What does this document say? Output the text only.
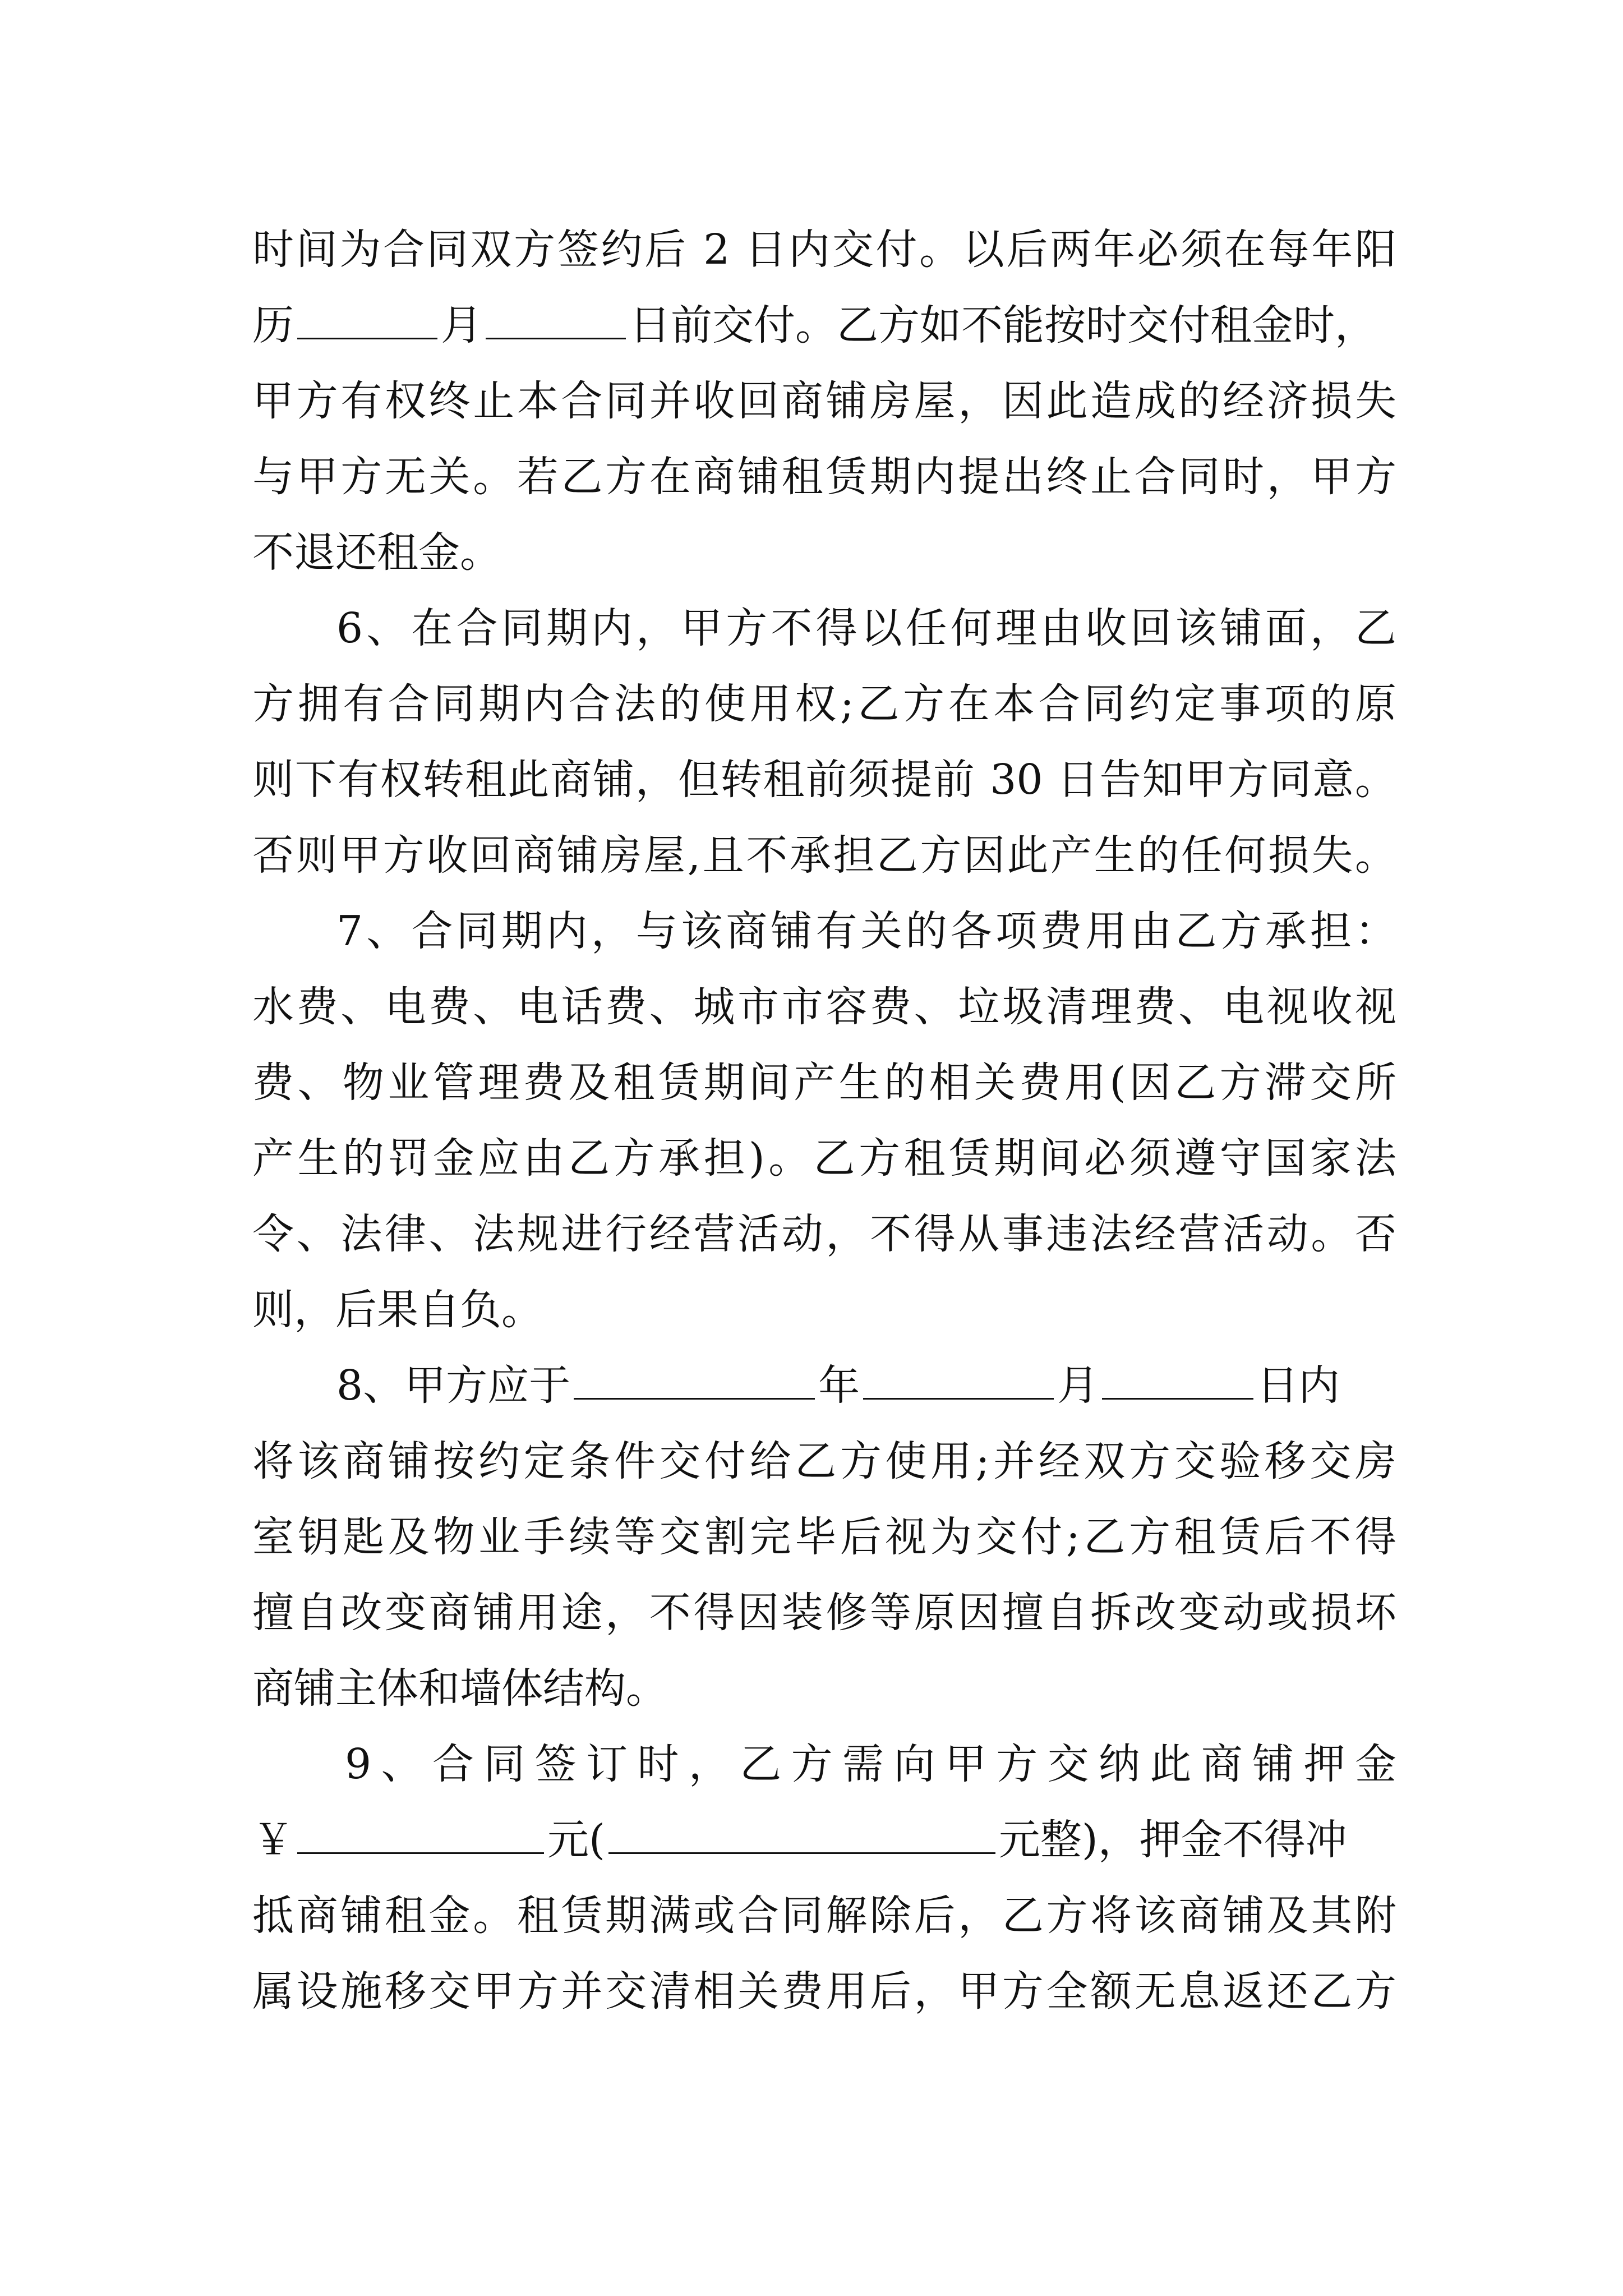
时间为合同双方签约后 2 日内交付。以后两年必须在每年阳
历	月	日前交付。乙方如不能按时交付租金时，
甲方有权终止本合同并收回商铺房屋，因此造成的经济损失
与甲方无关。若乙方在商铺租赁期内提出终止合同时，甲方
不退还租金。
6、在合同期内，甲方不得以任何理由收回该铺面，乙
方拥有合同期内合法的使用权;乙方在本合同约定事项的原
则下有权转租此商铺，但转租前须提前 30 日告知甲方同意。
否则甲方收回商铺房屋,且不承担乙方因此产生的任何损失。
7、合同期内，与该商铺有关的各项费用由乙方承担：
水费、电费、电话费、城市市容费、垃圾清理费、电视收视
费、物业管理费及租赁期间产生的相关费用(因乙方滞交所
产生的罚金应由乙方承担)。乙方租赁期间必须遵守国家法
令、法律、法规进行经营活动，不得从事违法经营活动。否
则，后果自负。
8、甲方应于	年	月	日内
将该商铺按约定条件交付给乙方使用;并经双方交验移交房
室钥匙及物业手续等交割完毕后视为交付;乙方租赁后不得
擅自改变商铺用途，不得因装修等原因擅自拆改变动或损坏
商铺主体和墙体结构。
9、合同签订时，乙方需向甲方交纳此商铺押金
￥	元(	元整)，押金不得冲
抵商铺租金。租赁期满或合同解除后，乙方将该商铺及其附
属设施移交甲方并交清相关费用后，甲方全额无息返还乙方
